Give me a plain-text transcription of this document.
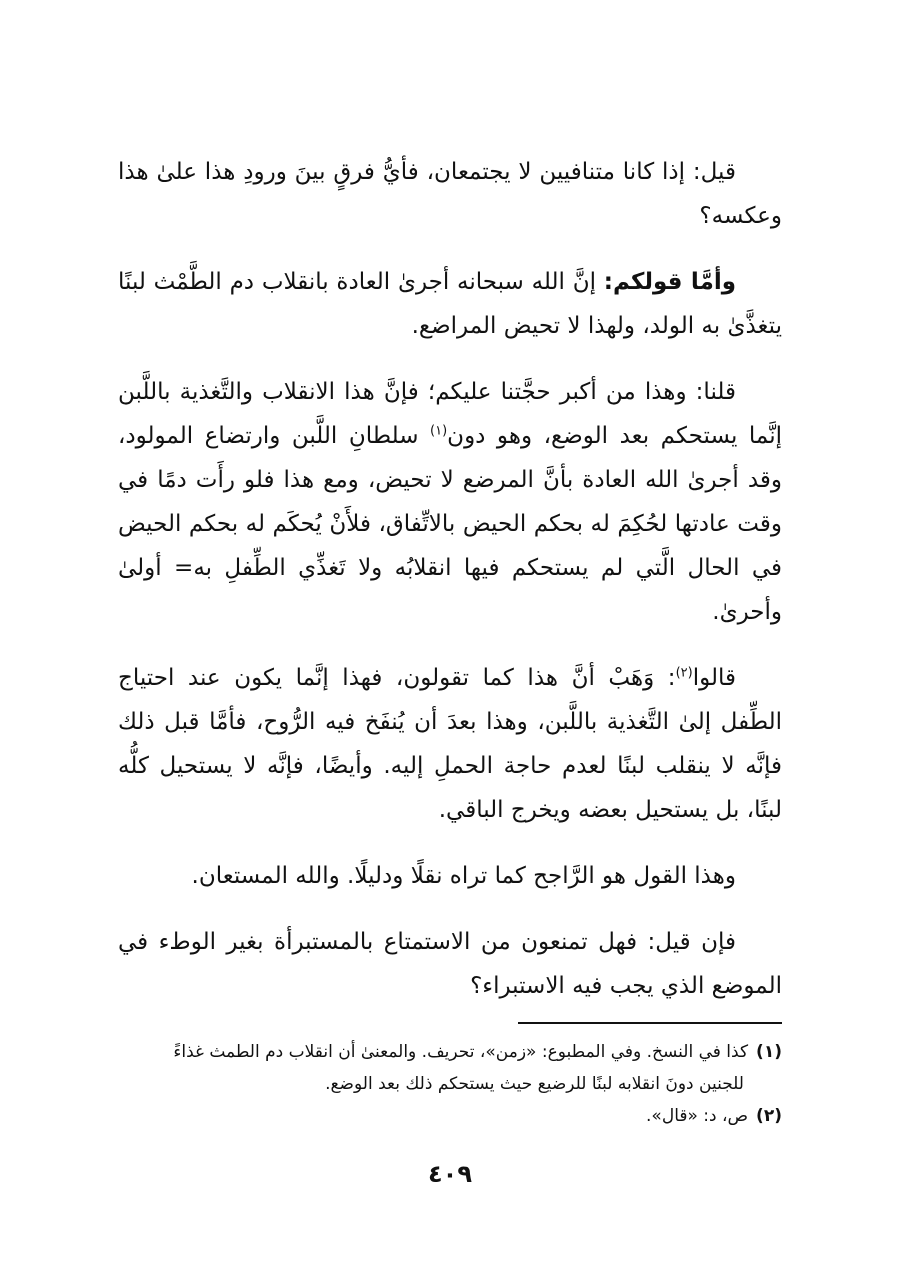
قيل: إذا كانا متنافيين لا يجتمعان، فأيُّ فرقٍ بينَ ورودِ هذا علىٰ هذا وعكسه؟

وأمَّا قولكم: إنَّ الله سبحانه أجرىٰ العادة بانقلاب دم الطَّمْث لبنًا يتغذَّىٰ به الولد، ولهذا لا تحيض المراضع.

قلنا: وهذا من أكبر حجَّتنا عليكم؛ فإنَّ هذا الانقلاب والتَّغذية باللَّبن إنَّما يستحكم بعد الوضع، وهو دون$^{(١)}$ سلطانِ اللَّبن وارتضاع المولود، وقد أجرىٰ الله العادة بأنَّ المرضع لا تحيض، ومع هذا فلو رأَت دمًا في وقت عادتها لحُكِمَ له بحكم الحيض بالاتِّفاق، فلأَنْ يُحكَم له بحكم الحيض في الحال الَّتي لم يستحكم فيها انقلابُه ولا تَغذِّي الطِّفلِ به= أولىٰ وأحرىٰ.

قالوا$^{(٢)}$: وَهَبْ أنَّ هذا كما تقولون، فهذا إنَّما يكون عند احتياج الطِّفل إلىٰ التَّغذية باللَّبن، وهذا بعدَ أن يُنفَخ فيه الرُّوح، فأمَّا قبل ذلك فإنَّه لا ينقلب لبنًا لعدم حاجة الحملِ إليه. وأيضًا، فإنَّه لا يستحيل كلُّه لبنًا، بل يستحيل بعضه ويخرج الباقي.

وهذا القول هو الرَّاجح كما تراه نقلًا ودليلًا. والله المستعان.

فإن قيل: فهل تمنعون من الاستمتاع بالمستبرأة بغير الوطء في الموضع الذي يجب فيه الاستبراء؟

(١)كذا في النسخ. وفي المطبوع: «زمن»، تحريف. والمعنىٰ أن انقلاب دم الطمث غذاءً

للجنين دونَ انقلابه لبنًا للرضيع حيث يستحكم ذلك بعد الوضع.

(٢)ص، د: «قال».

٤٠٩
